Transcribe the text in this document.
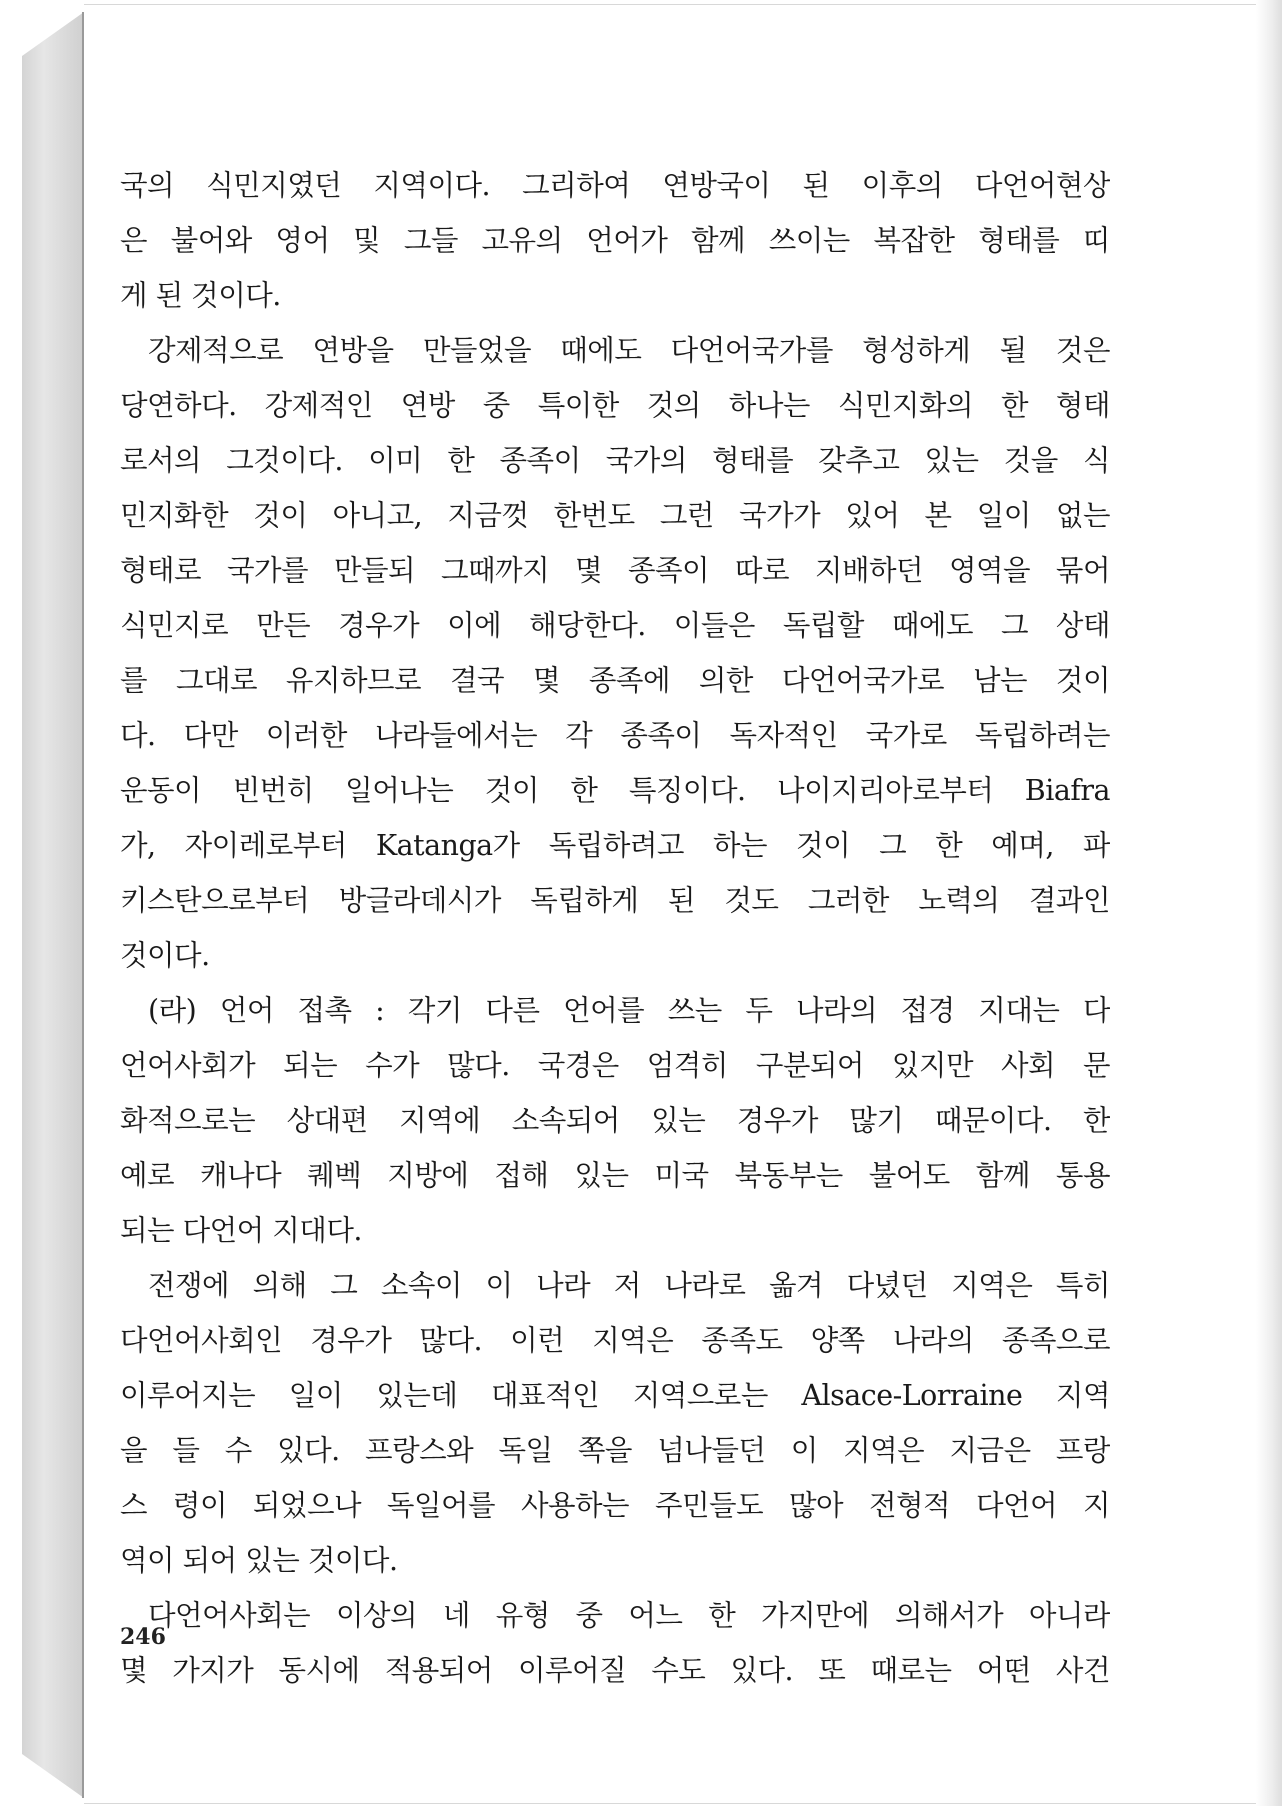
국의 식민지였던 지역이다. 그리하여 연방국이 된 이후의 다언어현상
은 불어와 영어 및 그들 고유의 언어가 함께 쓰이는 복잡한 형태를 띠
게 된 것이다.
강제적으로 연방을 만들었을 때에도 다언어국가를 형성하게 될 것은
당연하다. 강제적인 연방 중 특이한 것의 하나는 식민지화의 한 형태
로서의 그것이다. 이미 한 종족이 국가의 형태를 갖추고 있는 것을 식
민지화한 것이 아니고, 지금껏 한번도 그런 국가가 있어 본 일이 없는
형태로 국가를 만들되 그때까지 몇 종족이 따로 지배하던 영역을 묶어
식민지로 만든 경우가 이에 해당한다. 이들은 독립할 때에도 그 상태
를 그대로 유지하므로 결국 몇 종족에 의한 다언어국가로 남는 것이
다. 다만 이러한 나라들에서는 각 종족이 독자적인 국가로 독립하려는
운동이 빈번히 일어나는 것이 한 특징이다. 나이지리아로부터 Biafra
가, 자이레로부터 Katanga가 독립하려고 하는 것이 그 한 예며, 파
키스탄으로부터 방글라데시가 독립하게 된 것도 그러한 노력의 결과인
것이다.
(라) 언어 접촉 : 각기 다른 언어를 쓰는 두 나라의 접경 지대는 다
언어사회가 되는 수가 많다. 국경은 엄격히 구분되어 있지만 사회 문
화적으로는 상대편 지역에 소속되어 있는 경우가 많기 때문이다. 한
예로 캐나다 퀘벡 지방에 접해 있는 미국 북동부는 불어도 함께 통용
되는 다언어 지대다.
전쟁에 의해 그 소속이 이 나라 저 나라로 옮겨 다녔던 지역은 특히
다언어사회인 경우가 많다. 이런 지역은 종족도 양쪽 나라의 종족으로
이루어지는 일이 있는데 대표적인 지역으로는 Alsace-Lorraine 지역
을 들 수 있다. 프랑스와 독일 쪽을 넘나들던 이 지역은 지금은 프랑
스 령이 되었으나 독일어를 사용하는 주민들도 많아 전형적 다언어 지
역이 되어 있는 것이다.
다언어사회는 이상의 네 유형 중 어느 한 가지만에 의해서가 아니라
몇 가지가 동시에 적용되어 이루어질 수도 있다. 또 때로는 어떤 사건
246
